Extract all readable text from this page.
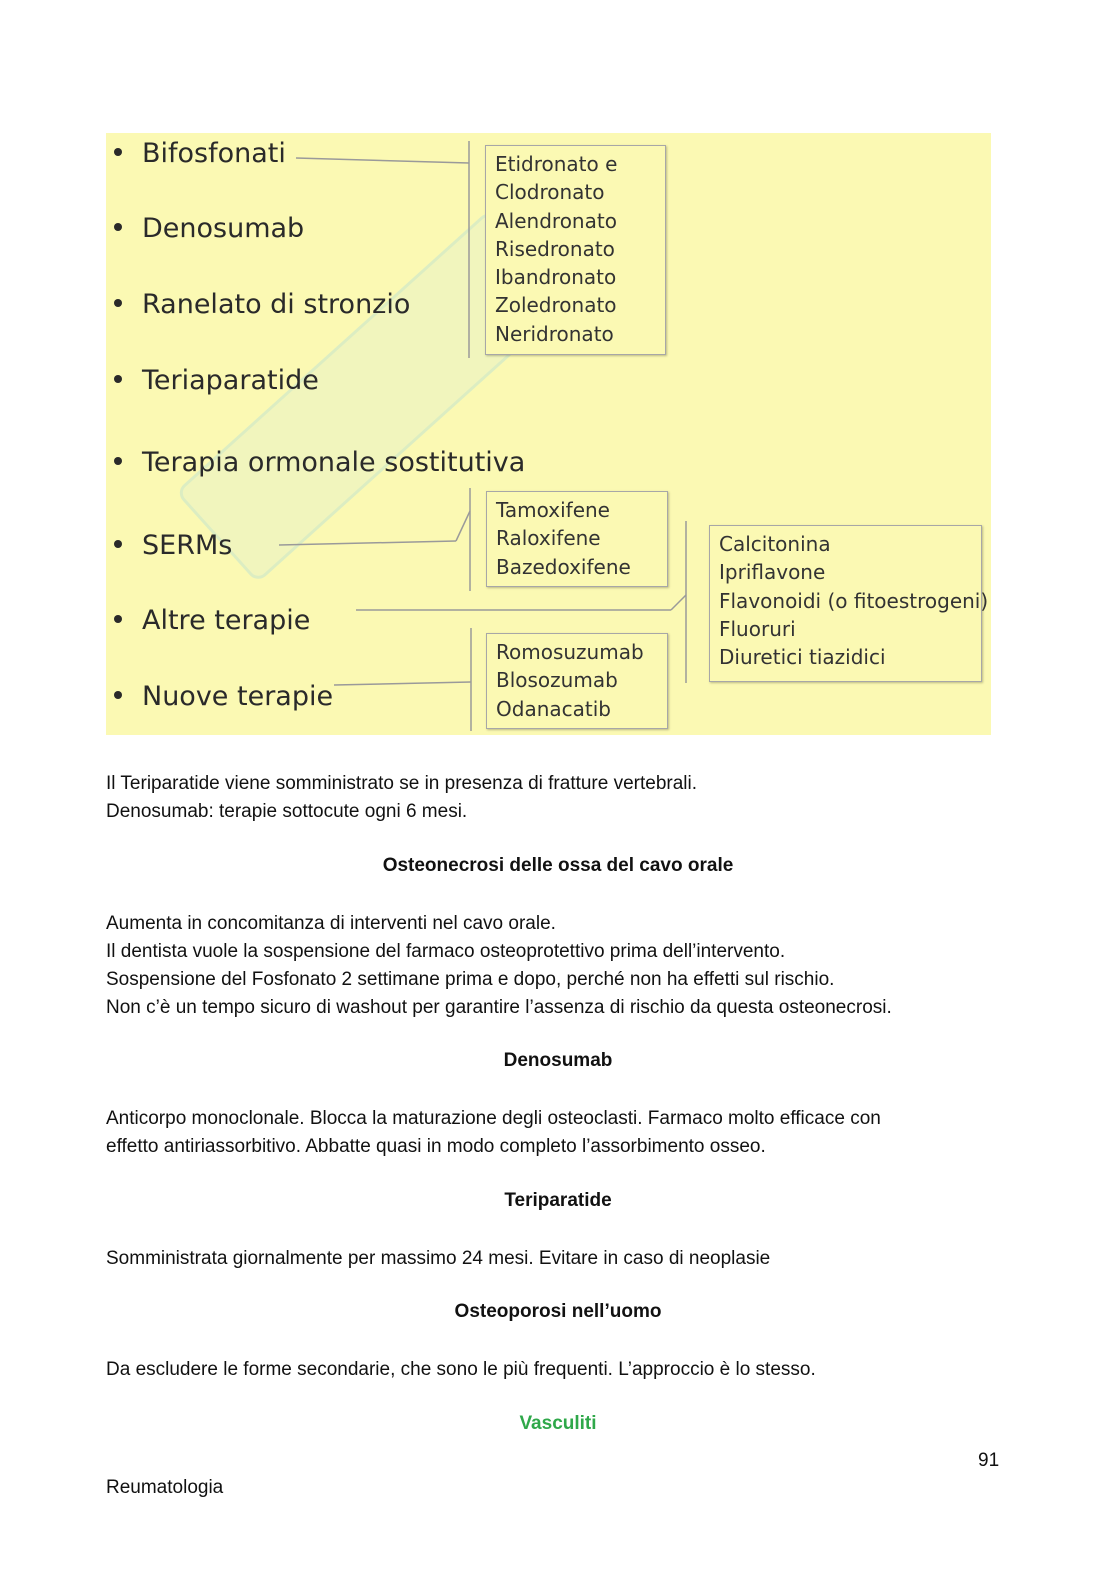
Bifosfonati
Denosumab
Ranelato di stronzio
Teriaparatide
Terapia ormonale sostitutiva
SERMs
Altre terapie
Nuove terapie
Etidronato e
Clodronato
Alendronato
Risedronato
Ibandronato
Zoledronato
Neridronato
Tamoxifene
Raloxifene
Bazedoxifene
Romosuzumab
Blosozumab
Odanacatib
Calcitonina
Ipriflavone
Flavonoidi (o fitoestrogeni)
Fluoruri
Diuretici tiazidici
Il Teriparatide viene somministrato se in presenza di fratture vertebrali.
Denosumab: terapie sottocute ogni 6 mesi.
Osteonecrosi delle ossa del cavo orale
Aumenta in concomitanza di interventi nel cavo orale.
Il dentista vuole la sospensione del farmaco osteoprotettivo prima dell’intervento.
Sospensione del Fosfonato 2 settimane prima e dopo, perché non ha effetti sul rischio.
Non c’è un tempo sicuro di washout per garantire l’assenza di rischio da questa osteonecrosi.
Denosumab
Anticorpo monoclonale. Blocca la maturazione degli osteoclasti. Farmaco molto efficace con
effetto antiriassorbitivo. Abbatte quasi in modo completo l’assorbimento osseo.
Teriparatide
Somministrata giornalmente per massimo 24 mesi. Evitare in caso di neoplasie
Osteoporosi nell’uomo
Da escludere le forme secondarie, che sono le più frequenti. L’approccio è lo stesso.
Vasculiti
91
Reumatologia
